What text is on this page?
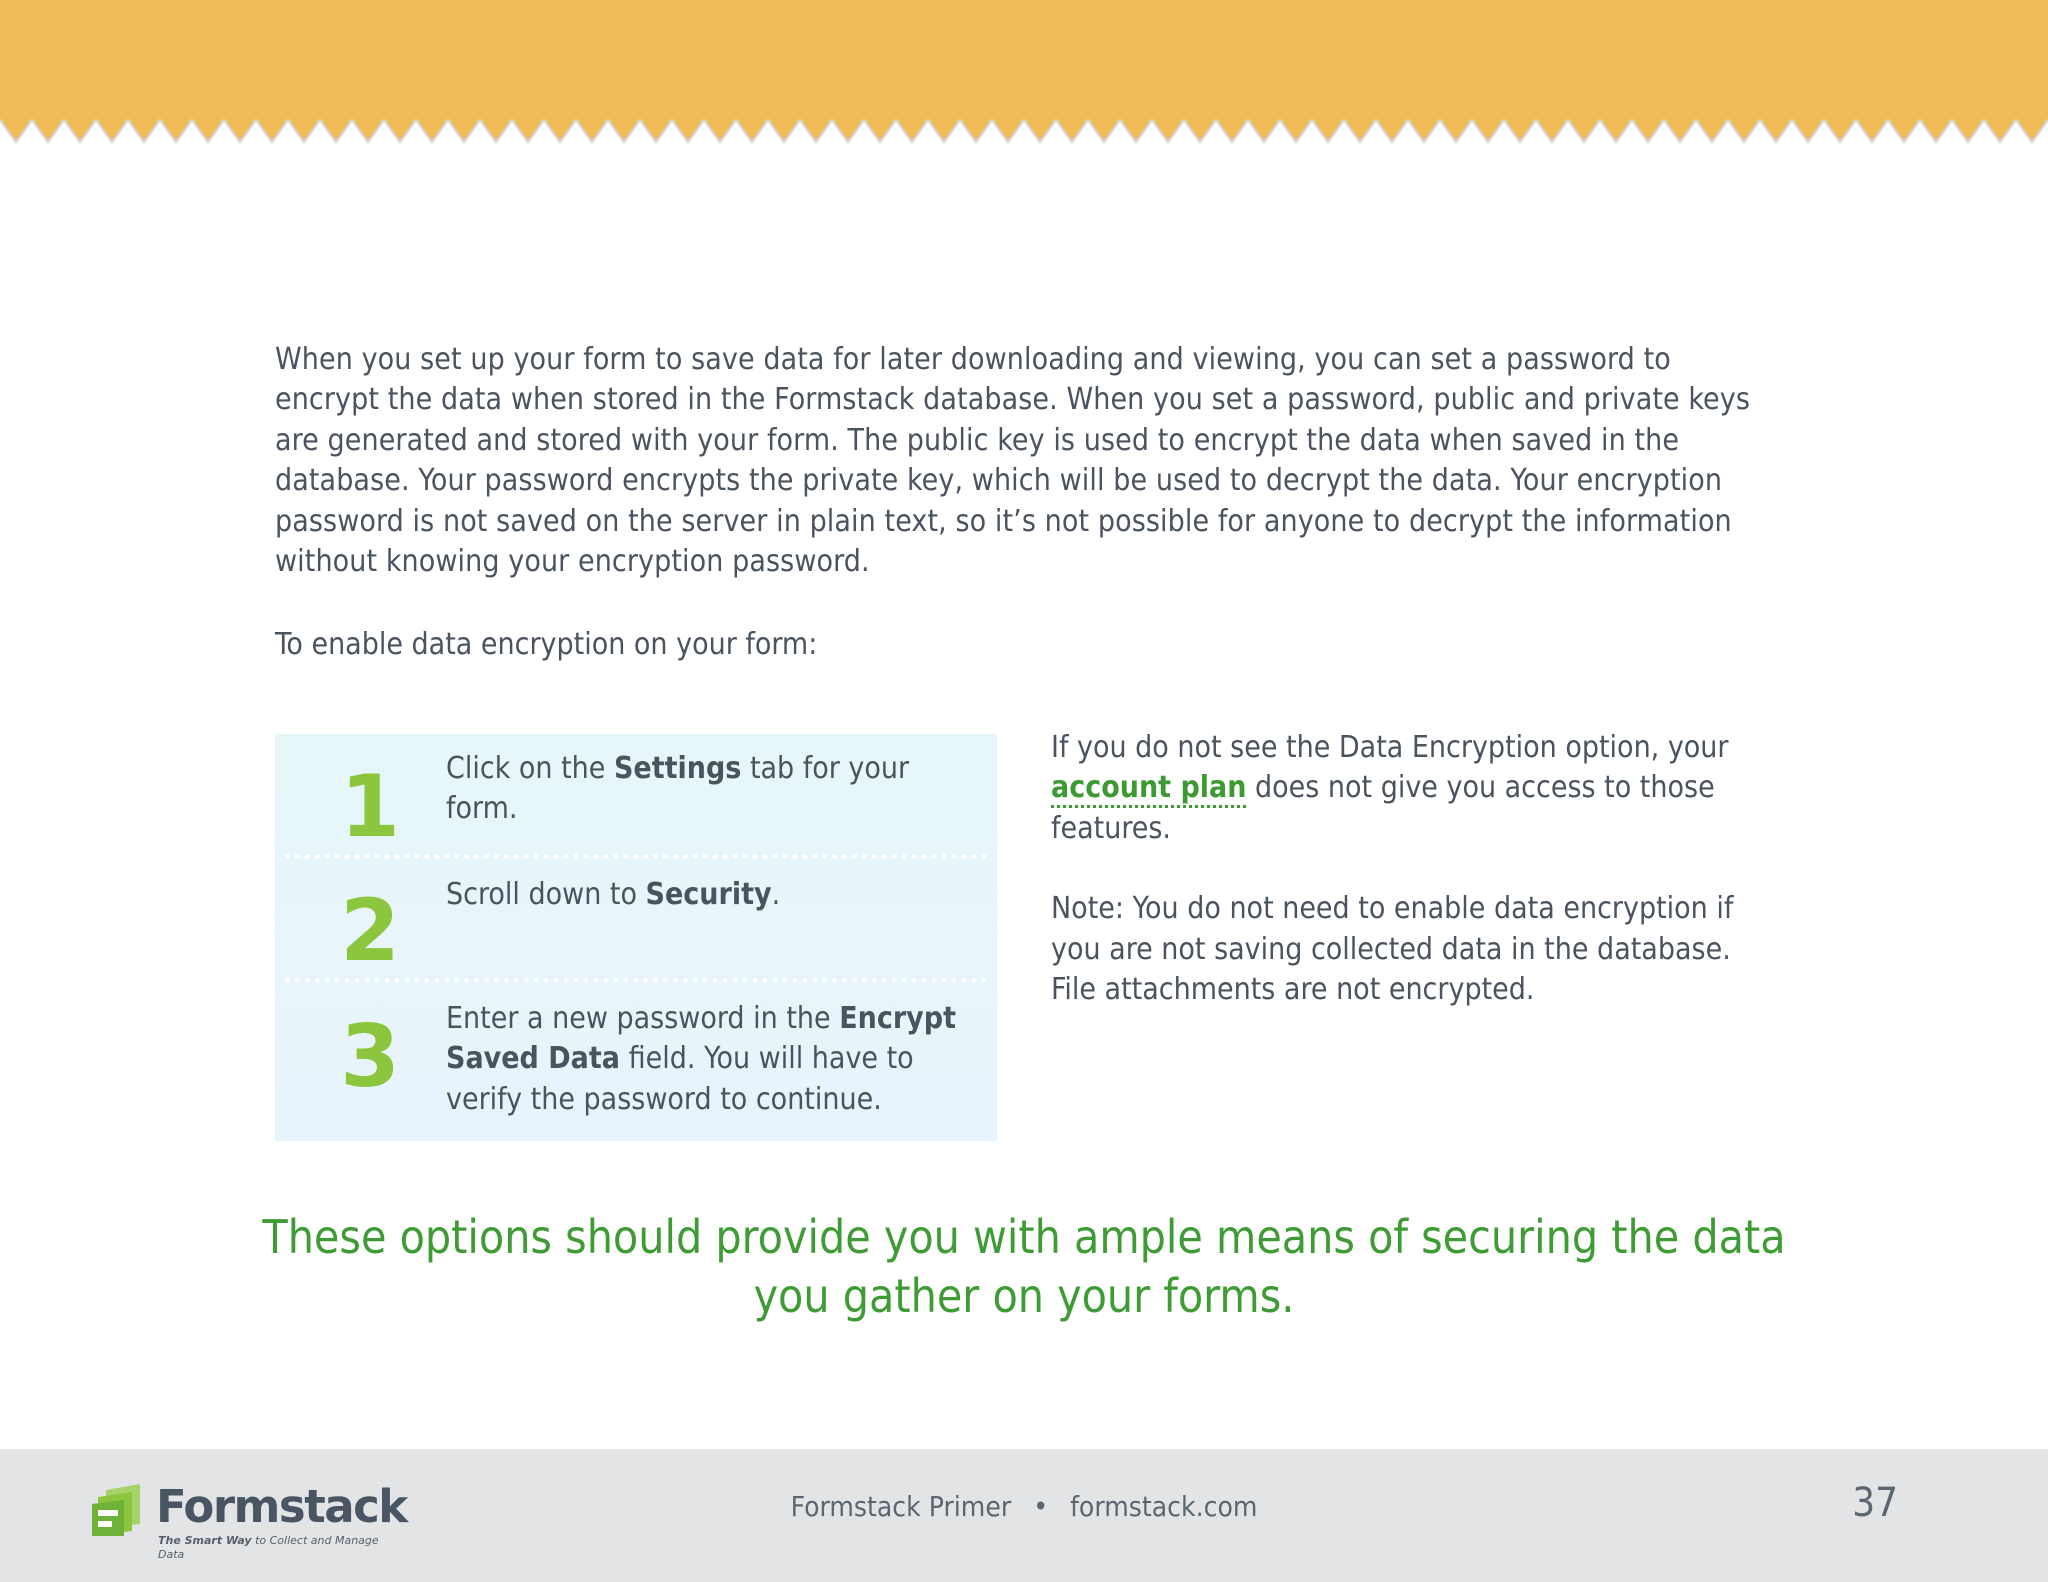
When you set up your form to save data for later downloading and viewing, you can set a password to encrypt the data when stored in the Formstack database. When you set a password, public and private keys are generated and stored with your form. The public key is used to encrypt the data when saved in the database. Your password encrypts the private key, which will be used to decrypt the data. Your encryption password is not saved on the server in plain text, so it’s not possible for anyone to decrypt the information without knowing your encryption password.

To enable data encryption on your form:

1	Click on the Settings tab for your form.
2	Scroll down to Security.
3	Enter a new password in the Encrypt Saved Data field. You will have to verify the password to continue.

If you do not see the Data Encryption option, your account plan does not give you access to those features.

Note: You do not need to enable data encryption if you are not saving collected data in the database. File attachments are not encrypted.

These options should provide you with ample means of securing the data you gather on your forms.

Formstack
The Smart Way to Collect and Manage Data
Formstack Primer • formstack.com	37
